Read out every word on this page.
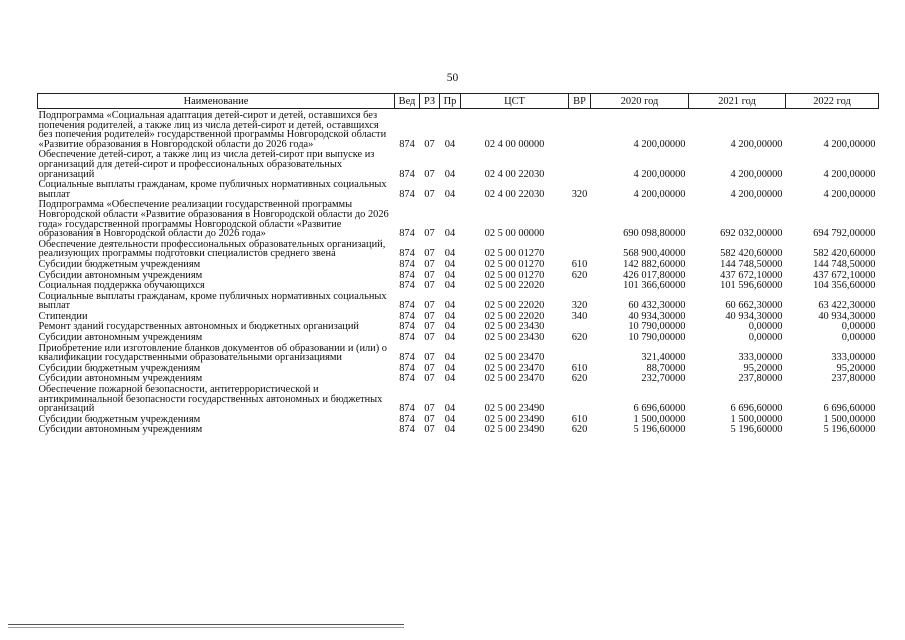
50
Наименование	Вед	РЗ	Пр	ЦСТ	ВР	2020 год	2021 год	2022 год
Подпрограмма «Социальная адаптация детей-сирот и детей, оставшихся без попечения родителей, а также лиц из числа детей-сирот и детей, оставшихся без попечения родителей» государственной программы Новгородской области «Развитие образования в Новгородской области до 2026 года»	874	07	04	02 4 00 00000		4 200,00000	4 200,00000	4 200,00000
Обеспечение детей-сирот, а также лиц из числа детей-сирот при выпуске из организаций для детей-сирот и профессиональных образовательных организаций	874	07	04	02 4 00 22030		4 200,00000	4 200,00000	4 200,00000
Социальные выплаты гражданам, кроме публичных нормативных социальных выплат	874	07	04	02 4 00 22030	320	4 200,00000	4 200,00000	4 200,00000
Подпрограмма «Обеспечение реализации государственной программы Новгородской области «Развитие образования в Новгородской области до 2026 года» государственной программы Новгородской области «Развитие образования в Новгородской области до 2026 года»	874	07	04	02 5 00 00000		690 098,80000	692 032,00000	694 792,00000
Обеспечение деятельности профессиональных образовательных организаций, реализующих программы подготовки специалистов среднего звена	874	07	04	02 5 00 01270		568 900,40000	582 420,60000	582 420,60000
Субсидии бюджетным учреждениям	874	07	04	02 5 00 01270	610	142 882,60000	144 748,50000	144 748,50000
Субсидии автономным учреждениям	874	07	04	02 5 00 01270	620	426 017,80000	437 672,10000	437 672,10000
Социальная поддержка обучающихся	874	07	04	02 5 00 22020		101 366,60000	101 596,60000	104 356,60000
Социальные выплаты гражданам, кроме публичных нормативных социальных выплат	874	07	04	02 5 00 22020	320	60 432,30000	60 662,30000	63 422,30000
Стипендии	874	07	04	02 5 00 22020	340	40 934,30000	40 934,30000	40 934,30000
Ремонт зданий государственных автономных и бюджетных организаций	874	07	04	02 5 00 23430		10 790,00000	0,00000	0,00000
Субсидии автономным учреждениям	874	07	04	02 5 00 23430	620	10 790,00000	0,00000	0,00000
Приобретение или изготовление бланков документов об образовании и (или) о квалификации государственными образовательными организациями	874	07	04	02 5 00 23470		321,40000	333,00000	333,00000
Субсидии бюджетным учреждениям	874	07	04	02 5 00 23470	610	88,70000	95,20000	95,20000
Субсидии автономным учреждениям	874	07	04	02 5 00 23470	620	232,70000	237,80000	237,80000
Обеспечение пожарной безопасности, антитеррористической и антикриминальной безопасности государственных автономных и бюджетных организаций	874	07	04	02 5 00 23490		6 696,60000	6 696,60000	6 696,60000
Субсидии бюджетным учреждениям	874	07	04	02 5 00 23490	610	1 500,00000	1 500,00000	1 500,00000
Субсидии автономным учреждениям	874	07	04	02 5 00 23490	620	5 196,60000	5 196,60000	5 196,60000
